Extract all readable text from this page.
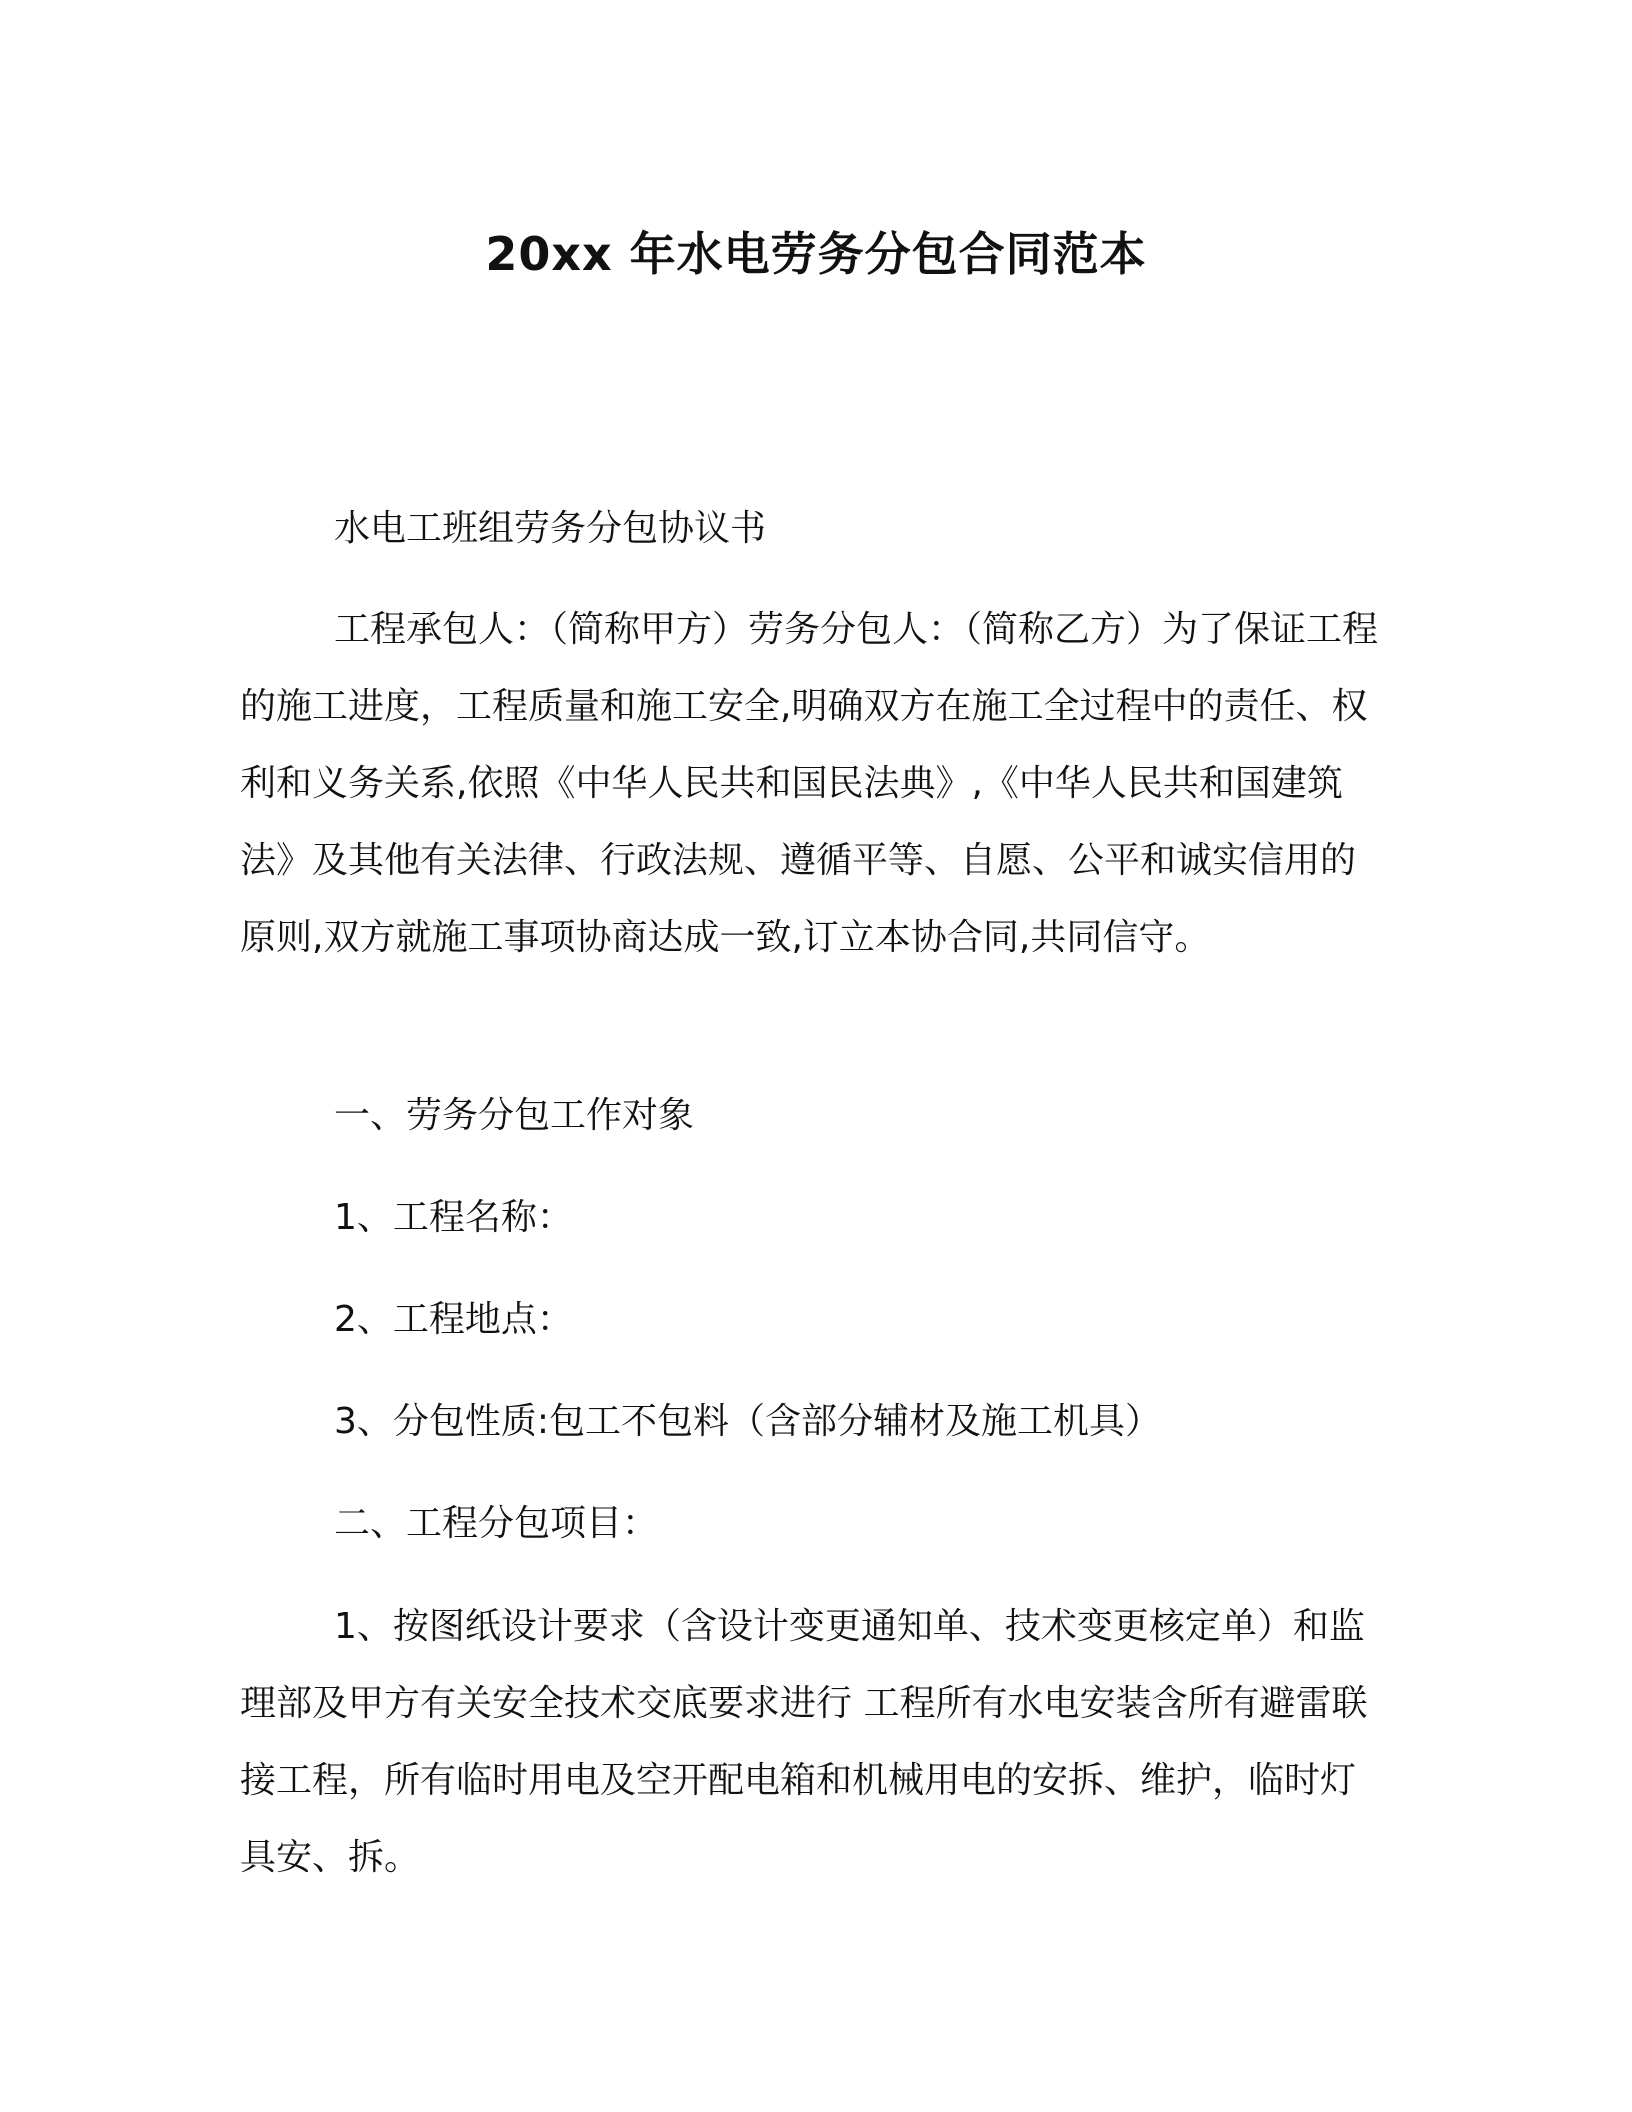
20xx 年水电劳务分包合同范本

水电工班组劳务分包协议书

工程承包人：（简称甲方）劳务分包人：（简称乙方）为了保证工程的施工进度，工程质量和施工安全,明确双方在施工全过程中的责任、权利和义务关系,依照《中华人民共和国民法典》,《中华人民共和国建筑法》及其他有关法律、行政法规、遵循平等、自愿、公平和诚实信用的原则,双方就施工事项协商达成一致,订立本协合同,共同信守。

一、劳务分包工作对象

1、工程名称：

2、工程地点：

3、分包性质:包工不包料（含部分辅材及施工机具）

二、工程分包项目：

1、按图纸设计要求（含设计变更通知单、技术变更核定单）和监理部及甲方有关安全技术交底要求进行 工程所有水电安装含所有避雷联接工程，所有临时用电及空开配电箱和机械用电的安拆、维护，临时灯具安、拆。
